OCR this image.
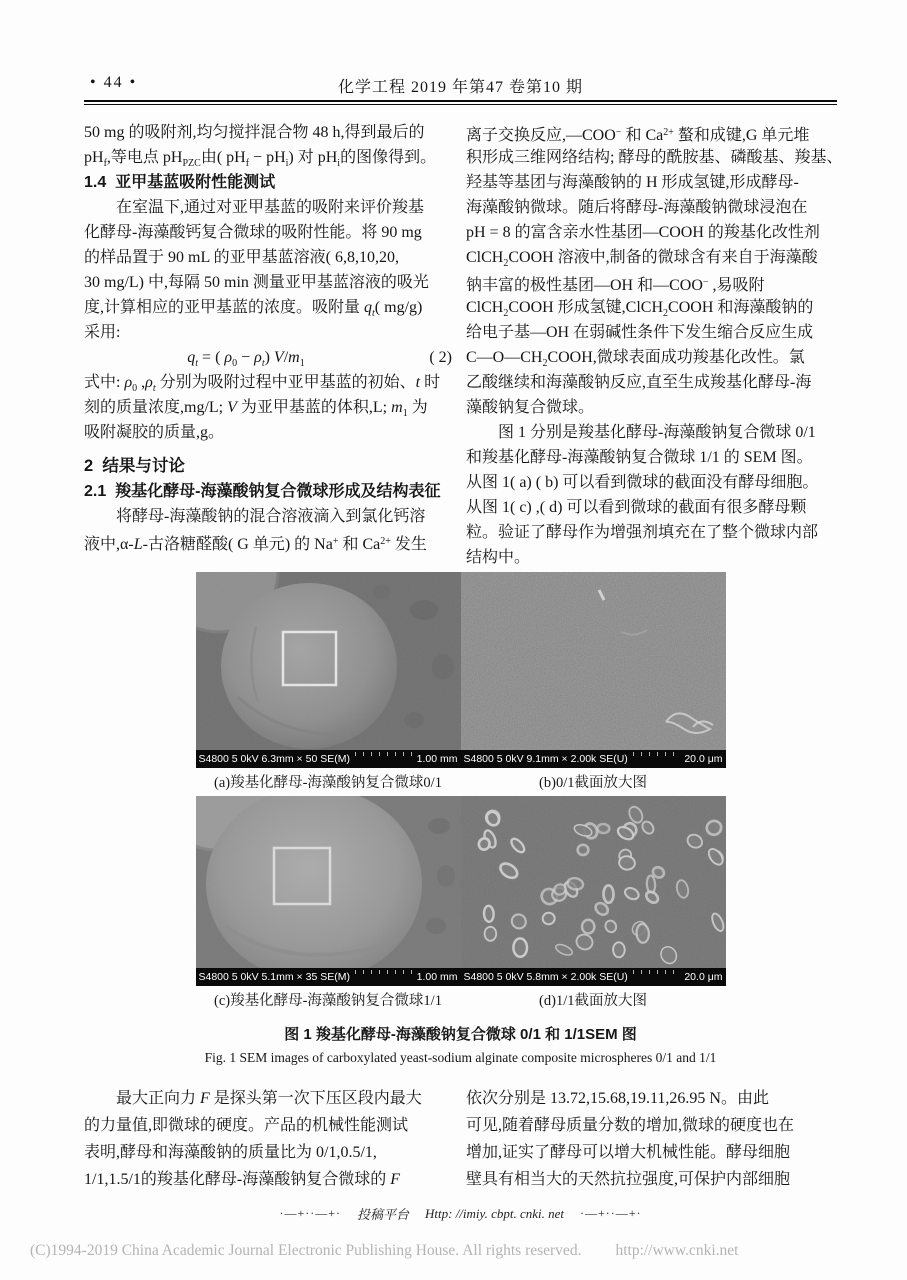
• 44 •	化学工程 2019 年第47 卷第10 期
50 mg 的吸附剂,均匀搅拌混合物 48 h,得到最后的
$pH_f$,等电点 $pH_{PZC}$由( $pH_f - pH_i$) 对 $pH_i$的图像得到。
1.4  亚甲基蓝吸附性能测试
在室温下,通过对亚甲基蓝的吸附来评价羧基
化酵母-海藻酸钙复合微球的吸附性能。将 90 mg
的样品置于 90 mL 的亚甲基蓝溶液( 6,8,10,20,
30 mg/L) 中,每隔 50 min 测量亚甲基蓝溶液的吸光
度,计算相应的亚甲基蓝的浓度。吸附量 $q_t$( mg/g)
采用:
$q_t$ = ( $\rho_0 - \rho_t$) $V/m_1$	( 2)
式中: $\rho_0$ $,\rho_t$ 分别为吸附过程中亚甲基蓝的初始、t 时
刻的质量浓度,mg/L; V 为亚甲基蓝的体积,L; $m_1$ 为
吸附凝胶的质量,g。
2  结果与讨论
2.1  羧基化酵母-海藻酸钠复合微球形成及结构表征
将酵母-海藻酸钠的混合溶液滴入到氯化钙溶
液中,α-L-古洛糖醛酸( G 单元) 的 Na+ 和 $Ca^{2+}$ 发生
离子交换反应,—COO− 和 $Ca^{2+}$ 螯和成键,G 单元堆
积形成三维网络结构; 酵母的酰胺基、磷酸基、羧基、
羟基等基团与海藻酸钠的 H 形成氢键,形成酵母-
海藻酸钠微球。随后将酵母-海藻酸钠微球浸泡在
pH = 8 的富含亲水性基团—COOH 的羧基化改性剂
ClCH$_2$COOH 溶液中,制备的微球含有来自于海藻酸
钠丰富的极性基团—OH 和—COO− ,易吸附
ClCH$_2$COOH 形成氢键,ClCH$_2$COOH 和海藻酸钠的
给电子基—OH 在弱碱性条件下发生缩合反应生成
$C—O—CH_2COOH$,微球表面成功羧基化改性。氯
乙酸继续和海藻酸钠反应,直至生成羧基化酵母-海
藻酸钠复合微球。
图 1 分别是羧基化酵母-海藻酸钠复合微球 0/1
和羧基化酵母-海藻酸钠复合微球 1/1 的 SEM 图。
从图 1( a) ( b) 可以看到微球的截面没有酵母细胞。
从图 1( c) ,( d) 可以看到微球的截面有很多酵母颗
粒。验证了酵母作为增强剂填充在了整个微球内部
结构中。
S4800 5 0kV 6.3mm × 50 SE(M)	1.00 mm S4800 5 0kV 9.1mm × 2.00k SE(U)	20.0 μm
(a)羧基化酵母-海藻酸钠复合微球0/1	(b)0/1截面放大图
S4800 5 0kV 5.1mm × 35 SE(M)	1.00 mm S4800 5 0kV 5.8mm × 2.00k SE(U)	20.0 μm
(c)羧基化酵母-海藻酸钠复合微球1/1	(d)1/1截面放大图
图 1 羧基化酵母-海藻酸钠复合微球 0/1 和 1/1SEM 图
Fig. 1 SEM images of carboxylated yeast-sodium alginate composite microspheres 0/1 and 1/1
最大正向力 F 是探头第一次下压区段内最大
的力量值,即微球的硬度。产品的机械性能测试
表明,酵母和海藻酸钠的质量比为 0/1,0.5/1,
1/1,1.5/1的羧基化酵母-海藻酸钠复合微球的 F
依次分别是 13.72,15.68,19.11,26.95 N。由此
可见,随着酵母质量分数的增加,微球的硬度也在
增加,证实了酵母可以增大机械性能。酵母细胞
壁具有相当大的天然抗拉强度,可保护内部细胞
·—+··—+· 投稿平台 Http: //imiy. cbpt. cnki. net ·—+··—+·
(C)1994-2019 China Academic Journal Electronic Publishing House. All rights reserved. http://www.cnki.net
